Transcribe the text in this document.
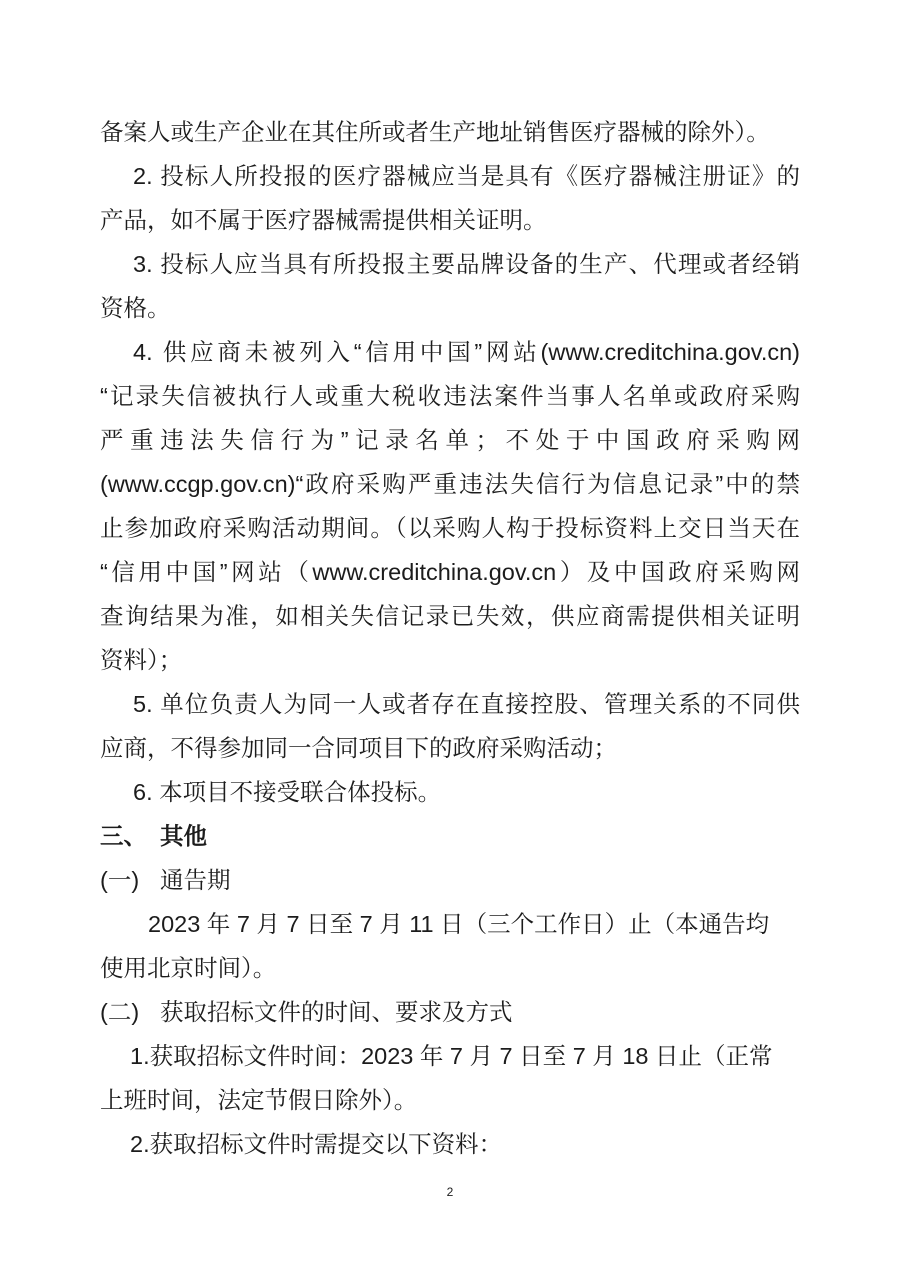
备案人或生产企业在其住所或者生产地址销售医疗器械的除外）。
2. 投标人所投报的医疗器械应当是具有《医疗器械注册证》的
产品，如不属于医疗器械需提供相关证明。
3. 投标人应当具有所投报主要品牌设备的生产、代理或者经销
资格。
4. 供应商未被列入“信用中国”网站(www.creditchina.gov.cn)
“记录失信被执行人或重大税收违法案件当事人名单或政府采购
严重违法失信行为”记录名单；不处于中国政府采购网
(www.ccgp.gov.cn)“政府采购严重违法失信行为信息记录”中的禁
止参加政府采购活动期间。（以采购人构于投标资料上交日当天在
“信用中国”网站（www.creditchina.gov.cn）及中国政府采购网
查询结果为准，如相关失信记录已失效，供应商需提供相关证明
资料）；
5. 单位负责人为同一人或者存在直接控股、管理关系的不同供
应商，不得参加同一合同项目下的政府采购活动；
6. 本项目不接受联合体投标。
三、 其他
(一) 通告期
2023 年 7 月 7 日至 7 月 11 日（三个工作日）止（本通告均
使用北京时间）。
(二) 获取招标文件的时间、要求及方式
1.获取招标文件时间：2023 年 7 月 7 日至 7 月 18 日止（正常
上班时间，法定节假日除外）。
2.获取招标文件时需提交以下资料：
2
